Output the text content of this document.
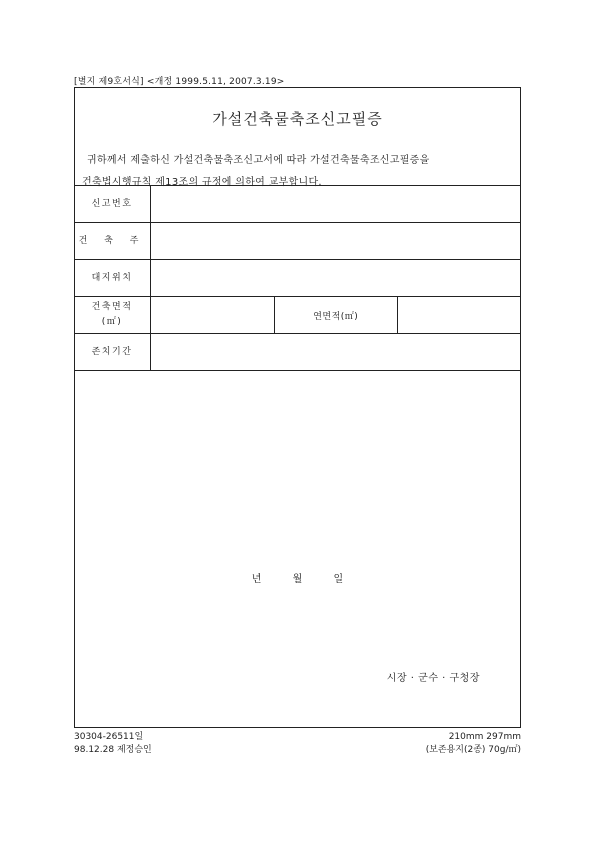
[별지 제9호서식] <개정 1999.5.11, 2007.3.19>
가설건축물축조신고필증
귀하께서 제출하신 가설건축물축조신고서에 따라 가설건축물축조신고필증을
건축법시행규칙 제13조의 규정에 의하여 교부합니다.
신고번호			
건 축 주			
대지위치			

건축면적
(㎡)		연면적(㎡)	
존치기간			
년	월	일
시장 · 군수 · 구청장
30304-26511일
98.12.28 제정승인
210mm 297mm
(보존용지(2종) 70g/㎡)
